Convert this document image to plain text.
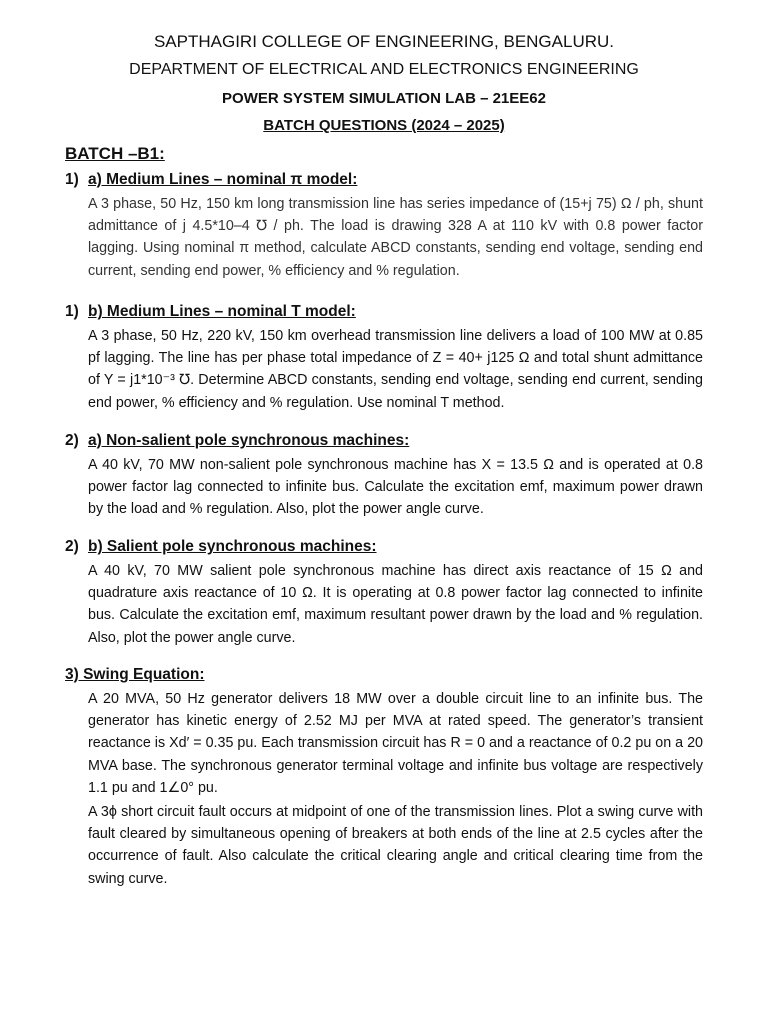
SAPTHAGIRI COLLEGE OF ENGINEERING, BENGALURU.
DEPARTMENT OF ELECTRICAL AND ELECTRONICS ENGINEERING
POWER SYSTEM SIMULATION LAB – 21EE62
BATCH QUESTIONS (2024 – 2025)
BATCH –B1:
1) a) Medium Lines – nominal π model:
A 3 phase, 50 Hz, 150 km long transmission line has series impedance of (15+j 75) Ω / ph, shunt admittance of j 4.5*10–4 ℧ / ph. The load is drawing 328 A at 110 kV with 0.8 power factor lagging. Using nominal π method, calculate ABCD constants, sending end voltage, sending end current, sending end power, % efficiency and % regulation.
1) b) Medium Lines – nominal T model:
A 3 phase, 50 Hz, 220 kV, 150 km overhead transmission line delivers a load of 100 MW at 0.85 pf lagging. The line has per phase total impedance of Z = 40+ j125 Ω and total shunt admittance of Y = j1*10⁻³ ℧. Determine ABCD constants, sending end voltage, sending end current, sending end power, % efficiency and % regulation. Use nominal T method.
2) a) Non-salient pole synchronous machines:
A 40 kV, 70 MW non-salient pole synchronous machine has X = 13.5 Ω and is operated at 0.8 power factor lag connected to infinite bus. Calculate the excitation emf, maximum power drawn by the load and % regulation. Also, plot the power angle curve.
2) b) Salient pole synchronous machines:
A 40 kV, 70 MW salient pole synchronous machine has direct axis reactance of 15 Ω and quadrature axis reactance of 10 Ω. It is operating at 0.8 power factor lag connected to infinite bus. Calculate the excitation emf, maximum resultant power drawn by the load and % regulation. Also, plot the power angle curve.
3) Swing Equation:
A 20 MVA, 50 Hz generator delivers 18 MW over a double circuit line to an infinite bus. The generator has kinetic energy of 2.52 MJ per MVA at rated speed. The generator’s transient reactance is Xd′ = 0.35 pu. Each transmission circuit has R = 0 and a reactance of 0.2 pu on a 20 MVA base. The synchronous generator terminal voltage and infinite bus voltage are respectively 1.1 pu and 1∠0° pu.
A 3ϕ short circuit fault occurs at midpoint of one of the transmission lines. Plot a swing curve with fault cleared by simultaneous opening of breakers at both ends of the line at 2.5 cycles after the occurrence of fault. Also calculate the critical clearing angle and critical clearing time from the swing curve.
